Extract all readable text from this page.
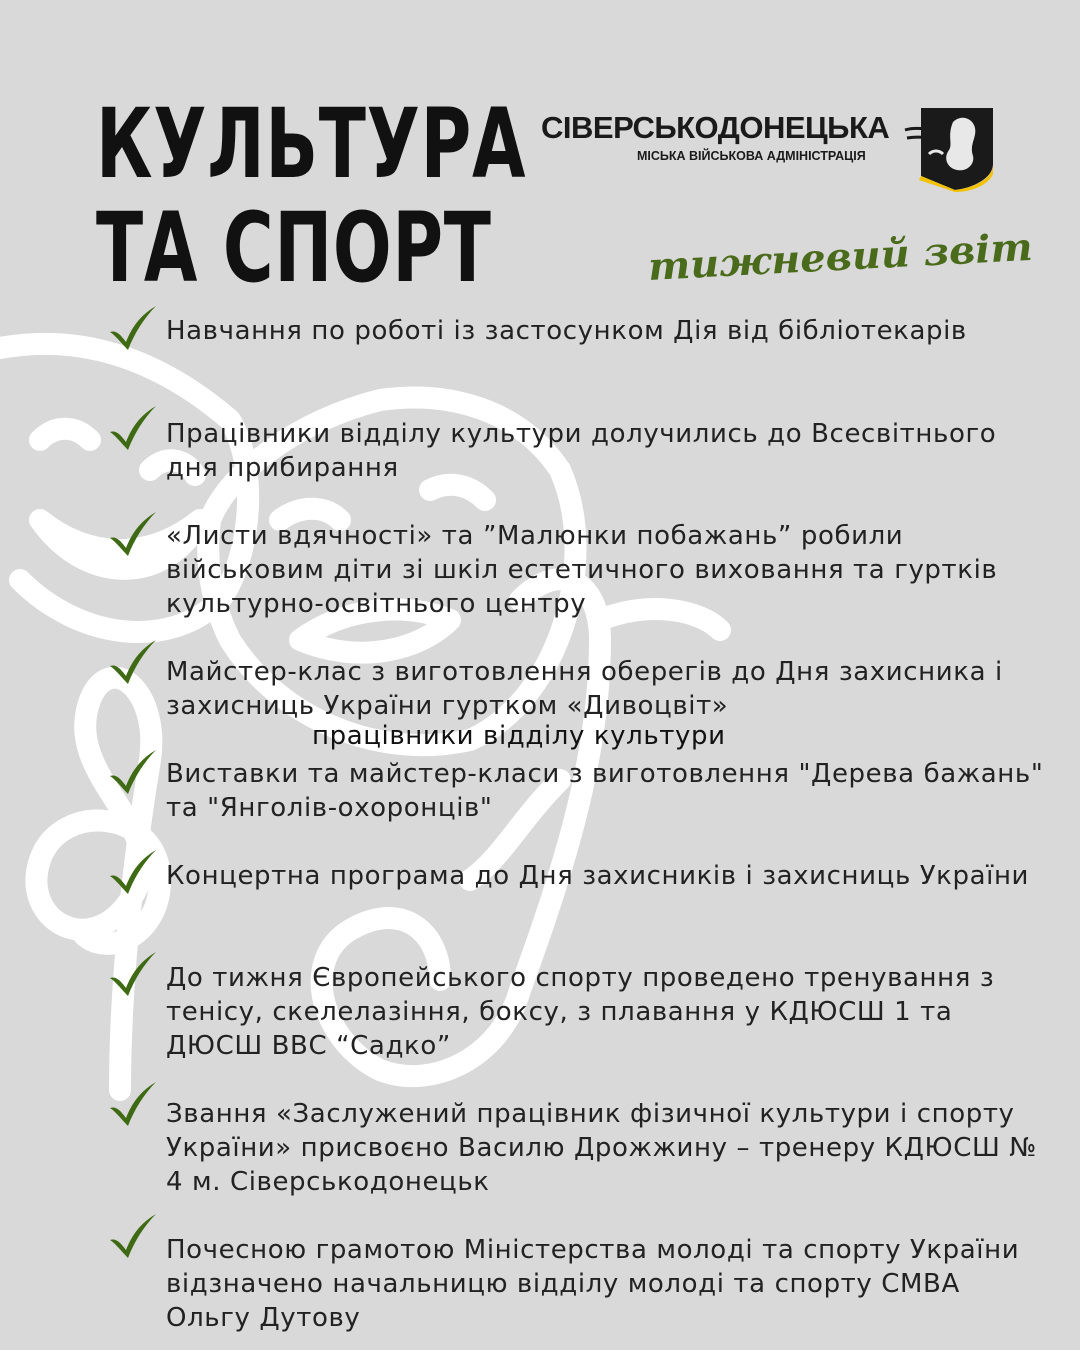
КУЛЬТУРА
ТА СПОРТ
СІВЕРСЬКОДОНЕЦЬКА
МІСЬКА ВІЙСЬКОВА АДМІНІСТРАЦІЯ
тижневий звіт
Навчання по роботі із застосунком Дія від бібліотекарів
Працівники відділу культури долучились до Всесвітнього дня прибирання
«Листи вдячності» та ”Малюнки побажань” робили військовим діти зі шкіл естетичного виховання та гуртків культурно-освітнього центру
Майстер-клас з виготовлення оберегів до Дня захисника і захисниць України гуртком «Дивоцвіт»
працівники відділу культури
Виставки та майстер-класи з виготовлення "Дерева бажань" та "Янголів-охоронців"
Концертна програма до Дня захисників і захисниць України
До тижня Європейського спорту проведено тренування з тенісу, скелелазіння, боксу, з плавання у КДЮСШ 1 та ДЮСШ ВВС “Садко”
Звання «Заслужений працівник фізичної культури і спорту України» присвоєно Василю Дрожжину – тренеру КДЮСШ № 4 м. Сіверськодонецьк
Почесною грамотою Міністерства молоді та спорту України відзначено начальницю відділу молоді та спорту СМВА Ольгу Дутову
